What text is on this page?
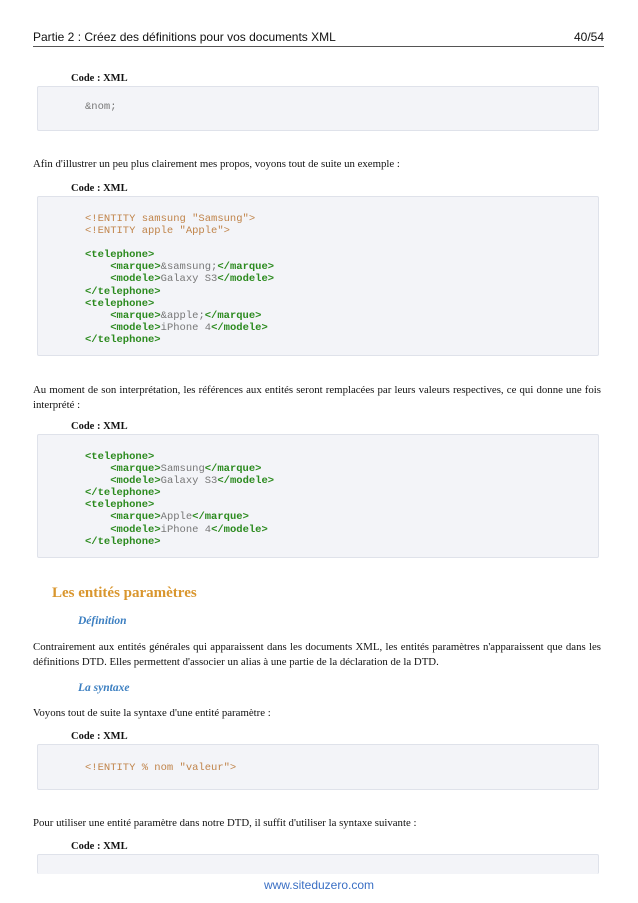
Partie 2 : Créez des définitions pour vos documents XML	40/54
Code : XML
&nom;
Afin d'illustrer un peu plus clairement mes propos, voyons tout de suite un exemple :
Code : XML
<!ENTITY samsung "Samsung">
<!ENTITY apple "Apple">

<telephone>
<marque>&samsung;</marque>
<modele>Galaxy S3</modele>
</telephone>
<telephone>
<marque>&apple;</marque>
<modele>iPhone 4</modele>
</telephone>
Au moment de son interprétation, les références aux entités seront remplacées par leurs valeurs respectives, ce qui donne une fois interprété :
Code : XML
<telephone>
<marque>Samsung</marque>
<modele>Galaxy S3</modele>
</telephone>
<telephone>
<marque>Apple</marque>
<modele>iPhone 4</modele>
</telephone>
Les entités paramètres
Définition
Contrairement aux entités générales qui apparaissent dans les documents XML, les entités paramètres n'apparaissent que dans les définitions DTD. Elles permettent d'associer un alias à une partie de la déclaration de la DTD.
La syntaxe
Voyons tout de suite la syntaxe d'une entité paramètre :
Code : XML
<!ENTITY % nom "valeur">
Pour utiliser une entité paramètre dans notre DTD, il suffit d'utiliser la syntaxe suivante :
Code : XML
www.siteduzero.com
